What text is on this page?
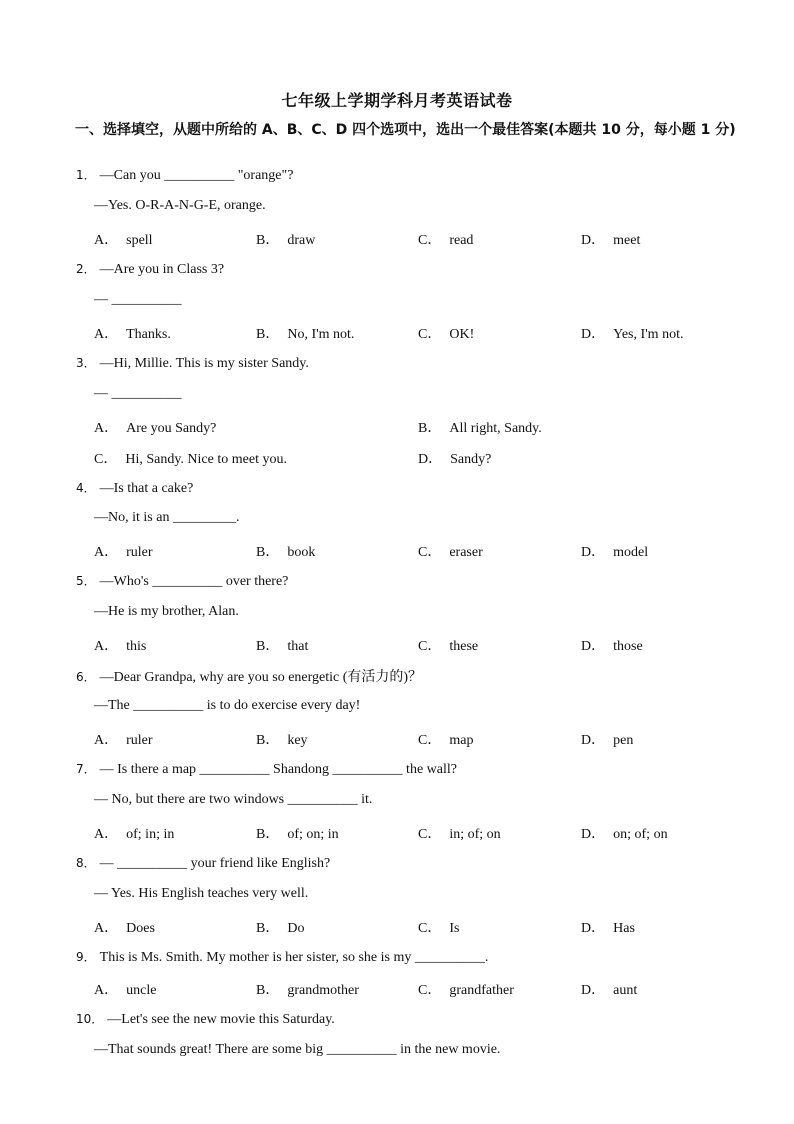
七年级上学期学科月考英语试卷
一、选择填空，从题中所给的 A、B、C、D 四个选项中，选出一个最佳答案(本题共 10 分，每小题 1 分)
1． —Can you __________ "orange"?
—Yes. O-R-A-N-G-E, orange.
A． spell	B． draw	C． read	D． meet
2． —Are you in Class 3?
— __________
A． Thanks.	B． No, I'm not.	C． OK!	D． Yes, I'm not.
3． —Hi, Millie. This is my sister Sandy.
— __________
A． Are you Sandy?	B． All right, Sandy.
C． Hi, Sandy. Nice to meet you.	D． Sandy?
4． —Is that a cake?
—No, it is an _________.
A． ruler	B． book	C． eraser	D． model
5． —Who's __________ over there?
—He is my brother, Alan.
A． this	B． that	C． these	D． those
6． —Dear Grandpa, why are you so energetic (有活力的)？
—The __________ is to do exercise every day!
A． ruler	B． key	C． map	D． pen
7． — Is there a map __________ Shandong __________ the wall?
— No, but there are two windows __________ it.
A． of; in; in	B． of; on; in	C． in; of; on	D． on; of; on
8． — __________ your friend like English?
— Yes. His English teaches very well.
A． Does	B． Do	C． Is	D． Has
9． This is Ms. Smith. My mother is her sister, so she is my __________.
A． uncle	B． grandmother	C． grandfather	D． aunt
10． —Let's see the new movie this Saturday.
—That sounds great! There are some big __________ in the new movie.
